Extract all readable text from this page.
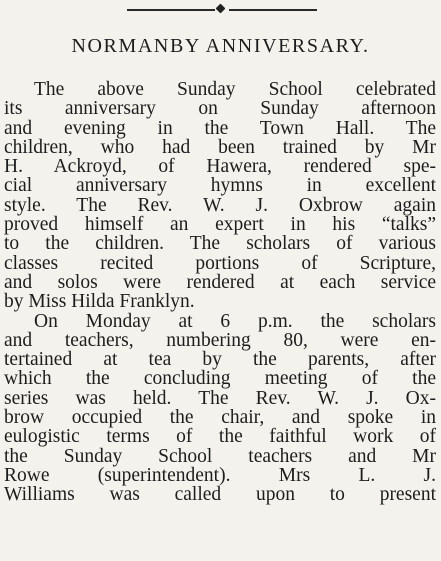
NORMANBY ANNIVERSARY.
The above Sunday School celebrated
its anniversary on Sunday afternoon
and evening in the Town Hall. The
children, who had been trained by Mr
H. Ackroyd, of Hawera, rendered spe-
cial anniversary hymns in excellent
style. The Rev. W. J. Oxbrow again
proved himself an expert in his “talks”
to the children. The scholars of various
classes recited portions of Scripture,
and solos were rendered at each service
by Miss Hilda Franklyn.
On Monday at 6 p.m. the scholars
and teachers, numbering 80, were en-
tertained at tea by the parents, after
which the concluding meeting of the
series was held. The Rev. W. J. Ox-
brow occupied the chair, and spoke in
eulogistic terms of the faithful work of
the Sunday School teachers and Mr
Rowe (superintendent). Mrs L. J.
Williams was called upon to present
